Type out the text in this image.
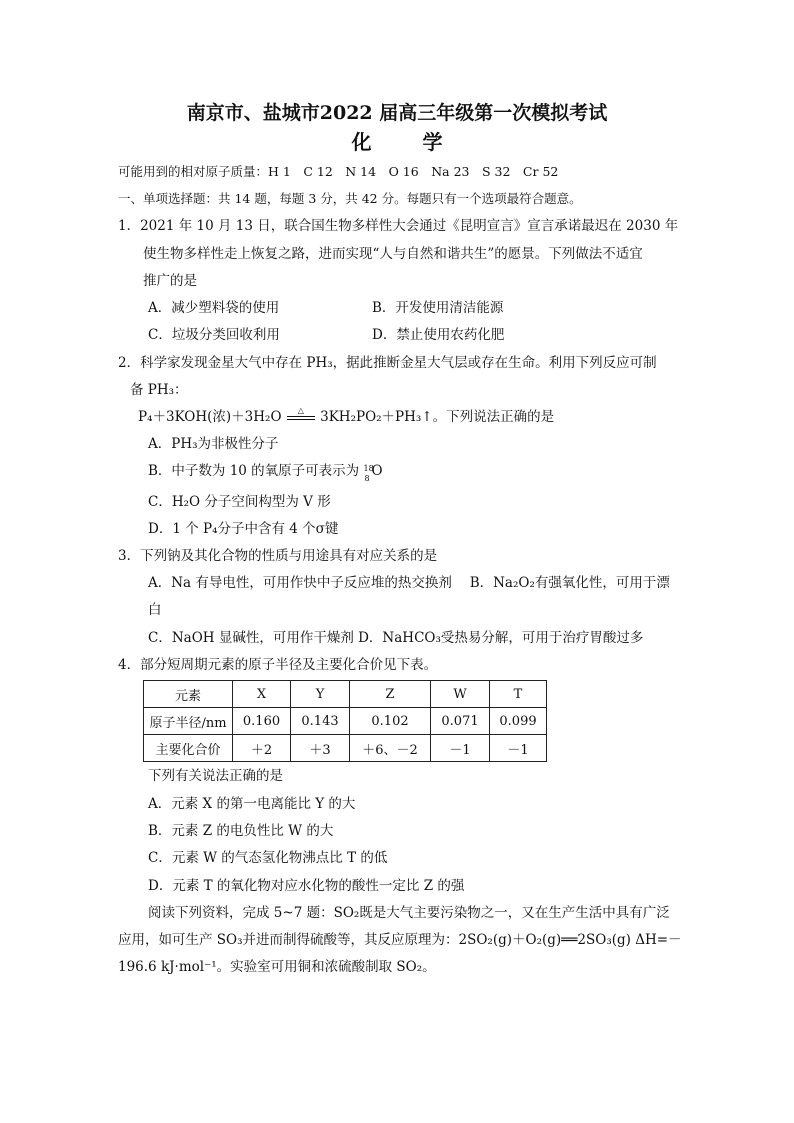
南京市、盐城市2022 届高三年级第一次模拟考试
化 学
可能用到的相对原子质量：H 1　C 12　N 14　O 16　Na 23　S 32　Cr 52
一、单项选择题：共 14 题，每题 3 分，共 42 分。每题只有一个选项最符合题意。
1．2021 年 10 月 13 日，联合国生物多样性大会通过《昆明宣言》宣言承诺最迟在 2030 年
使生物多样性走上恢复之路，进而实现“人与自然和谐共生”的愿景。下列做法不适宜
推广的是
A．减少塑料袋的使用	B．开发使用清洁能源
C．垃圾分类回收利用	D．禁止使用农药化肥
2．科学家发现金星大气中存在 PH₃，据此推断金星大气层或存在生命。利用下列反应可制
备 PH₃：
P₄＋3KOH(浓)＋3H₂O	△	3KH₂PO₂＋PH₃↑。下列说法正确的是
A．PH₃为非极性分子
B．中子数为 10 的氧原子可表示为 18
8 O
C．H₂O 分子空间构型为 V 形
D．1 个 P₄分子中含有 4 个σ键
3．下列钠及其化合物的性质与用途具有对应关系的是
A．Na 有导电性，可用作快中子反应堆的热交换剂　 B．Na₂O₂有强氧化性，可用于漂
白
C．NaOH 显碱性，可用作干燥剂 D．NaHCO₃受热易分解，可用于治疗胃酸过多
4．部分短周期元素的原子半径及主要化合价见下表。
元素	X	Y	Z	W	T
原子半径/nm	0.160	0.143	0.102	0.071	0.099
主要化合价	＋2	＋3	＋6、－2	－1	－1
下列有关说法正确的是
A．元素 X 的第一电离能比 Y 的大
B．元素 Z 的电负性比 W 的大
C．元素 W 的气态氢化物沸点比 T 的低
D．元素 T 的氧化物对应水化物的酸性一定比 Z 的强
阅读下列资料，完成 5~7 题：SO₂既是大气主要污染物之一，又在生产生活中具有广泛
应用，如可生产 SO₃并进而制得硫酸等，其反应原理为：2SO₂(g)＋O₂(g)══2SO₃(g) ΔH=－
196.6 kJ·mol⁻¹。实验室可用铜和浓硫酸制取 SO₂。
